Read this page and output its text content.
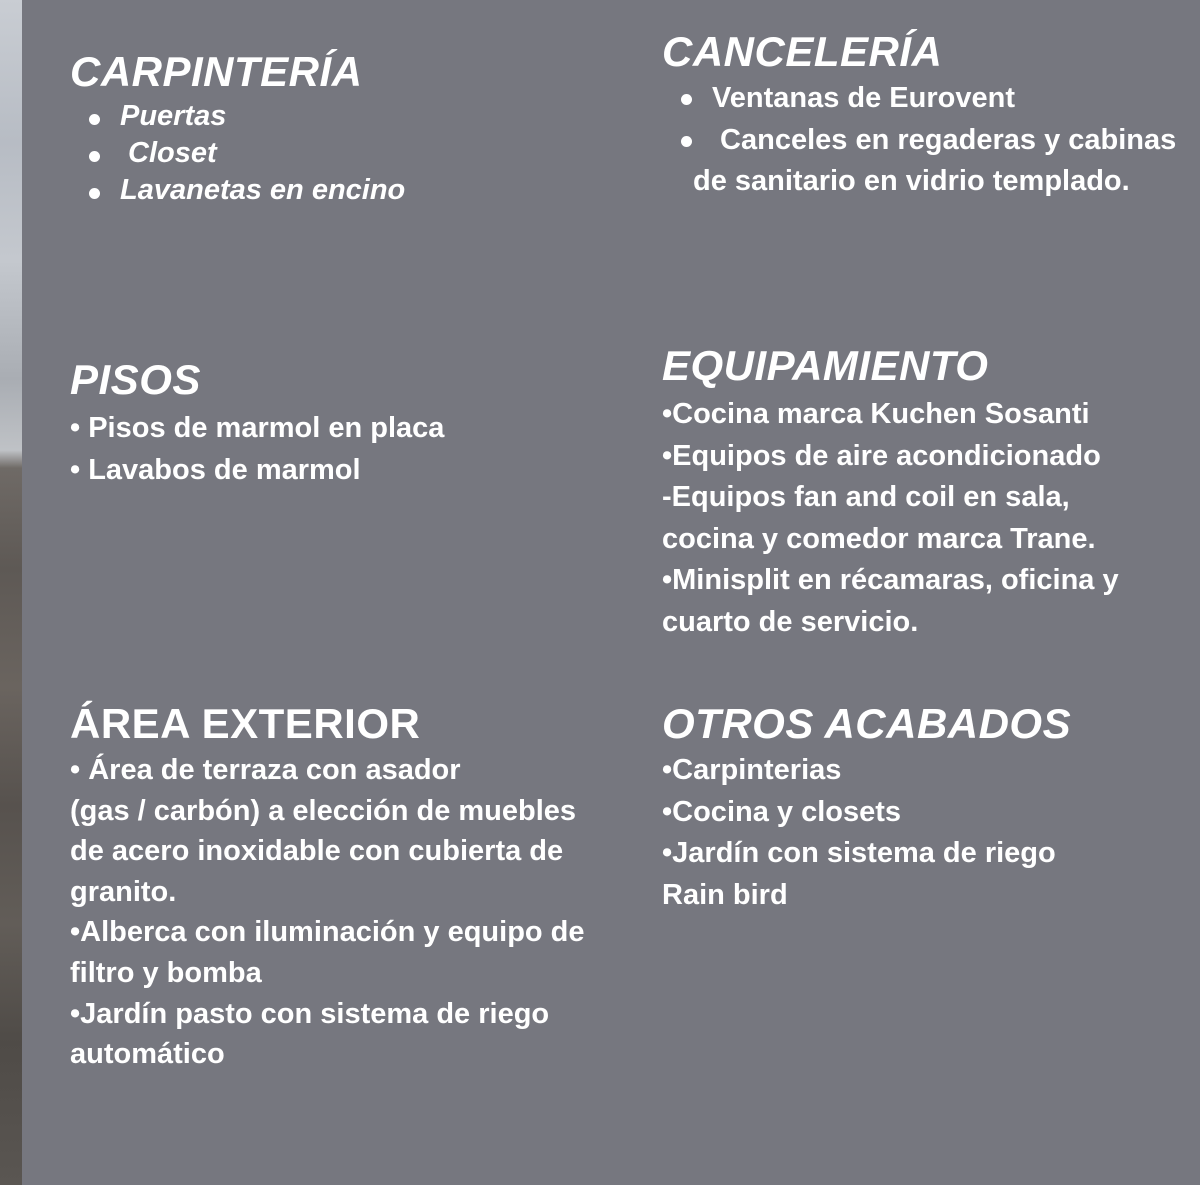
CARPINTERÍA
Puertas
Closet
Lavanetas en encino
CANCELERÍA
Ventanas de Eurovent
Canceles en regaderas y cabinas
de sanitario en vidrio templado.
PISOS
• Pisos de marmol en placa
• Lavabos de marmol
EQUIPAMIENTO
•Cocina marca Kuchen Sosanti
•Equipos de aire acondicionado
-Equipos fan and coil en sala,
cocina y comedor marca Trane.
•Minisplit en récamaras, oficina y
cuarto de servicio.
ÁREA EXTERIOR
• Área de terraza con asador
(gas / carbón) a elección de muebles
de acero inoxidable con cubierta de
granito.
•Alberca con iluminación y equipo de
filtro y bomba
•Jardín pasto con sistema de riego
automático
OTROS ACABADOS
•Carpinterias
•Cocina y closets
•Jardín con sistema de riego
Rain bird
